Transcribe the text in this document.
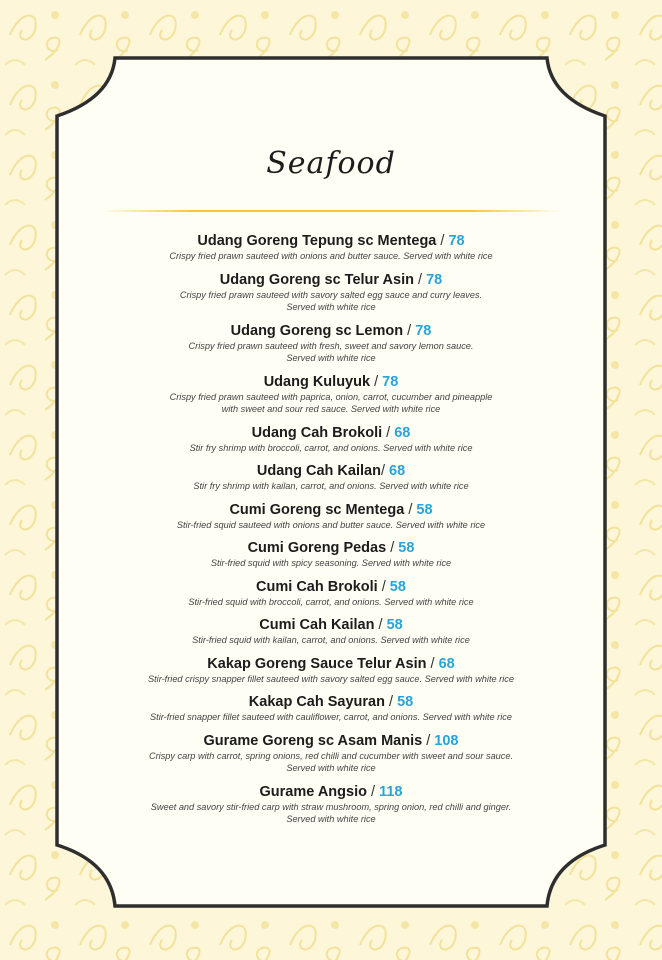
Seafood
Udang Goreng Tepung sc Mentega / 78
Crispy fried prawn sauteed with onions and butter sauce. Served with white rice
Udang Goreng sc Telur Asin / 78
Crispy fried prawn sauteed with savory salted egg sauce and curry leaves.
Served with white rice
Udang Goreng sc Lemon / 78
Crispy fried prawn sauteed with fresh, sweet and savory lemon sauce.
Served with white rice
Udang Kuluyuk / 78
Crispy fried prawn sauteed with paprica, onion, carrot, cucumber and pineapple
with sweet and sour red sauce. Served with white rice
Udang Cah Brokoli / 68
Stir fry shrimp with broccoli, carrot, and onions. Served with white rice
Udang Cah Kailan/ 68
Stir fry shrimp with kailan, carrot, and onions. Served with white rice
Cumi Goreng sc Mentega / 58
Stir-fried squid sauteed with onions and butter sauce. Served with white rice
Cumi Goreng Pedas / 58
Stir-fried squid with spicy seasoning. Served with white rice
Cumi Cah Brokoli / 58
Stir-fried squid with broccoli, carrot, and onions. Served with white rice
Cumi Cah Kailan / 58
Stir-fried squid with kailan, carrot, and onions. Served with white rice
Kakap Goreng Sauce Telur Asin / 68
Stir-fried crispy snapper fillet sauteed with savory salted egg sauce. Served with white rice
Kakap Cah Sayuran / 58
Stir-fried snapper fillet sauteed with cauliflower, carrot, and onions. Served with white rice
Gurame Goreng sc Asam Manis / 108
Crispy carp with carrot, spring onions, red chilli and cucumber with sweet and sour sauce.
Served with white rice
Gurame Angsio / 118
Sweet and savory stir-fried carp with straw mushroom, spring onion, red chilli and ginger.
Served with white rice
